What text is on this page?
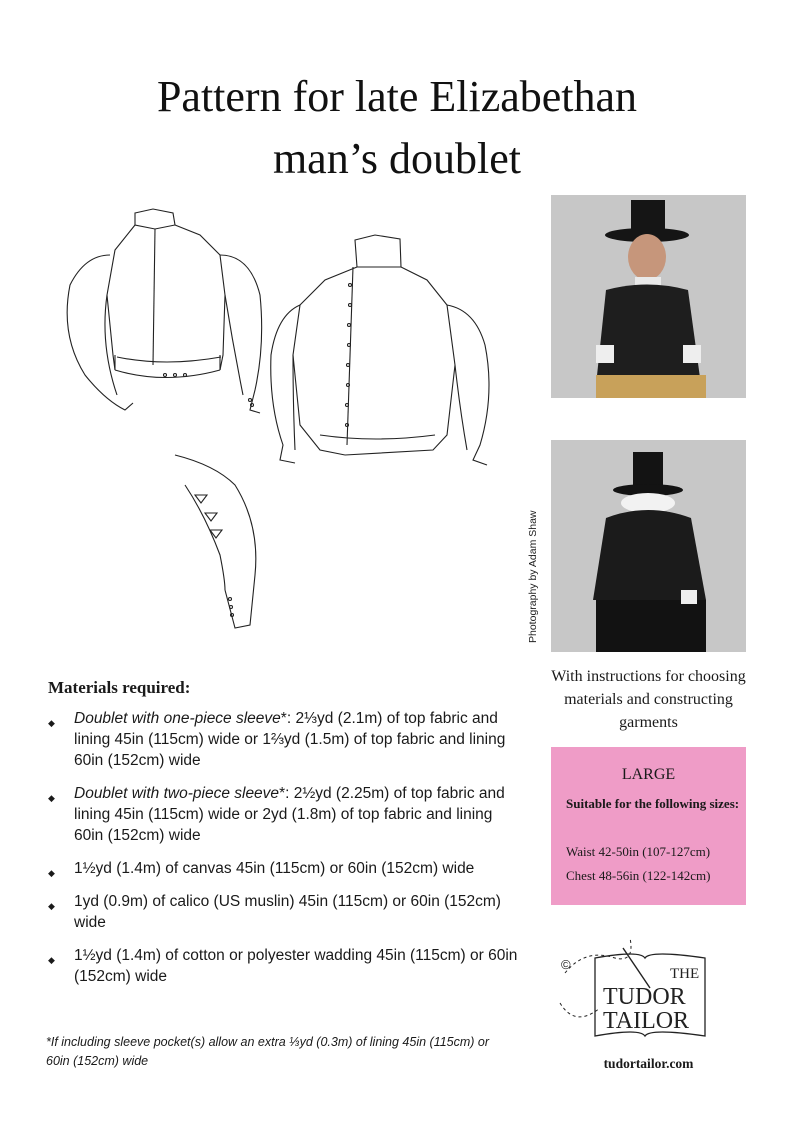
Pattern for late Elizabethan
man’s doublet
Photography by Adam Shaw
Materials required:
◆ Doublet with one-piece sleeve*: 2⅓yd (2.1m) of top fabric and lining 45in (115cm) wide or 1⅔yd (1.5m) of top fabric and lining 60in (152cm) wide
◆ Doublet with two-piece sleeve*: 2½yd (2.25m) of top fabric and lining 45in (115cm) wide or 2yd (1.8m) of top fabric and lining 60in (152cm) wide
◆ 1½yd (1.4m) of canvas 45in (115cm) or 60in (152cm) wide
◆ 1yd (0.9m) of calico (US muslin) 45in (115cm) or 60in (152cm) wide
◆ 1½yd (1.4m) of cotton or polyester wadding 45in (115cm) or 60in (152cm) wide
*If including sleeve pocket(s) allow an extra ⅓yd (0.3m) of lining 45in (115cm) or 60in (152cm) wide
With instructions for choosing materials and constructing garments
LARGE
Suitable for the following sizes:
Waist 42-50in (107-127cm)
Chest 48-56in (122-142cm)
©
THE
TUDOR
TAILOR
tudortailor.com
